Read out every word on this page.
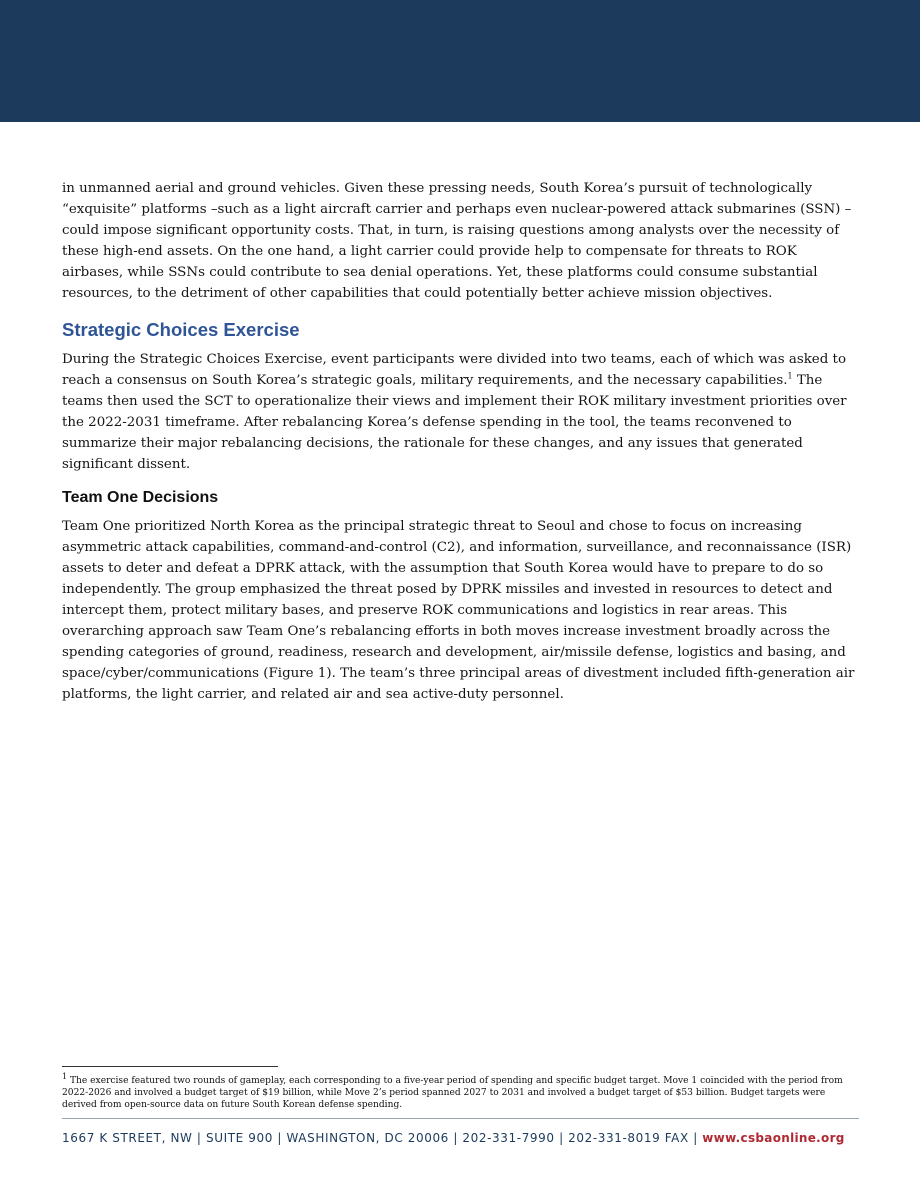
in unmanned aerial and ground vehicles. Given these pressing needs, South Korea’s pursuit of technologically “exquisite” platforms –such as a light aircraft carrier and perhaps even nuclear-powered attack submarines (SSN) – could impose significant opportunity costs. That, in turn, is raising questions among analysts over the necessity of these high-end assets. On the one hand, a light carrier could provide help to compensate for threats to ROK airbases, while SSNs could contribute to sea denial operations. Yet, these platforms could consume substantial resources, to the detriment of other capabilities that could potentially better achieve mission objectives.

Strategic Choices Exercise

During the Strategic Choices Exercise, event participants were divided into two teams, each of which was asked to reach a consensus on South Korea’s strategic goals, military requirements, and the necessary capabilities.$^1$ The teams then used the SCT to operationalize their views and implement their ROK military investment priorities over the 2022-2031 timeframe. After rebalancing Korea’s defense spending in the tool, the teams reconvened to summarize their major rebalancing decisions, the rationale for these changes, and any issues that generated significant dissent.

Team One Decisions

Team One prioritized North Korea as the principal strategic threat to Seoul and chose to focus on increasing asymmetric attack capabilities, command-and-control (C2), and information, surveillance, and reconnaissance (ISR) assets to deter and defeat a DPRK attack, with the assumption that South Korea would have to prepare to do so independently. The group emphasized the threat posed by DPRK missiles and invested in resources to detect and intercept them, protect military bases, and preserve ROK communications and logistics in rear areas. This overarching approach saw Team One’s rebalancing efforts in both moves increase investment broadly across the spending categories of ground, readiness, research and development, air/missile defense, logistics and basing, and space/cyber/communications (Figure 1). The team’s three principal areas of divestment included fifth-generation air platforms, the light carrier, and related air and sea active-duty personnel.

$^1$ The exercise featured two rounds of gameplay, each corresponding to a five-year period of spending and specific budget target. Move 1 coincided with the period from 2022-2026 and involved a budget target of $19 billion, while Move 2’s period spanned 2027 to 2031 and involved a budget target of $53 billion. Budget targets were derived from open-source data on future South Korean defense spending.

1667 K STREET, NW | SUITE 900 | WASHINGTON, DC 20006 | 202-331-7990 | 202-331-8019 FAX | www.csbaonline.org
